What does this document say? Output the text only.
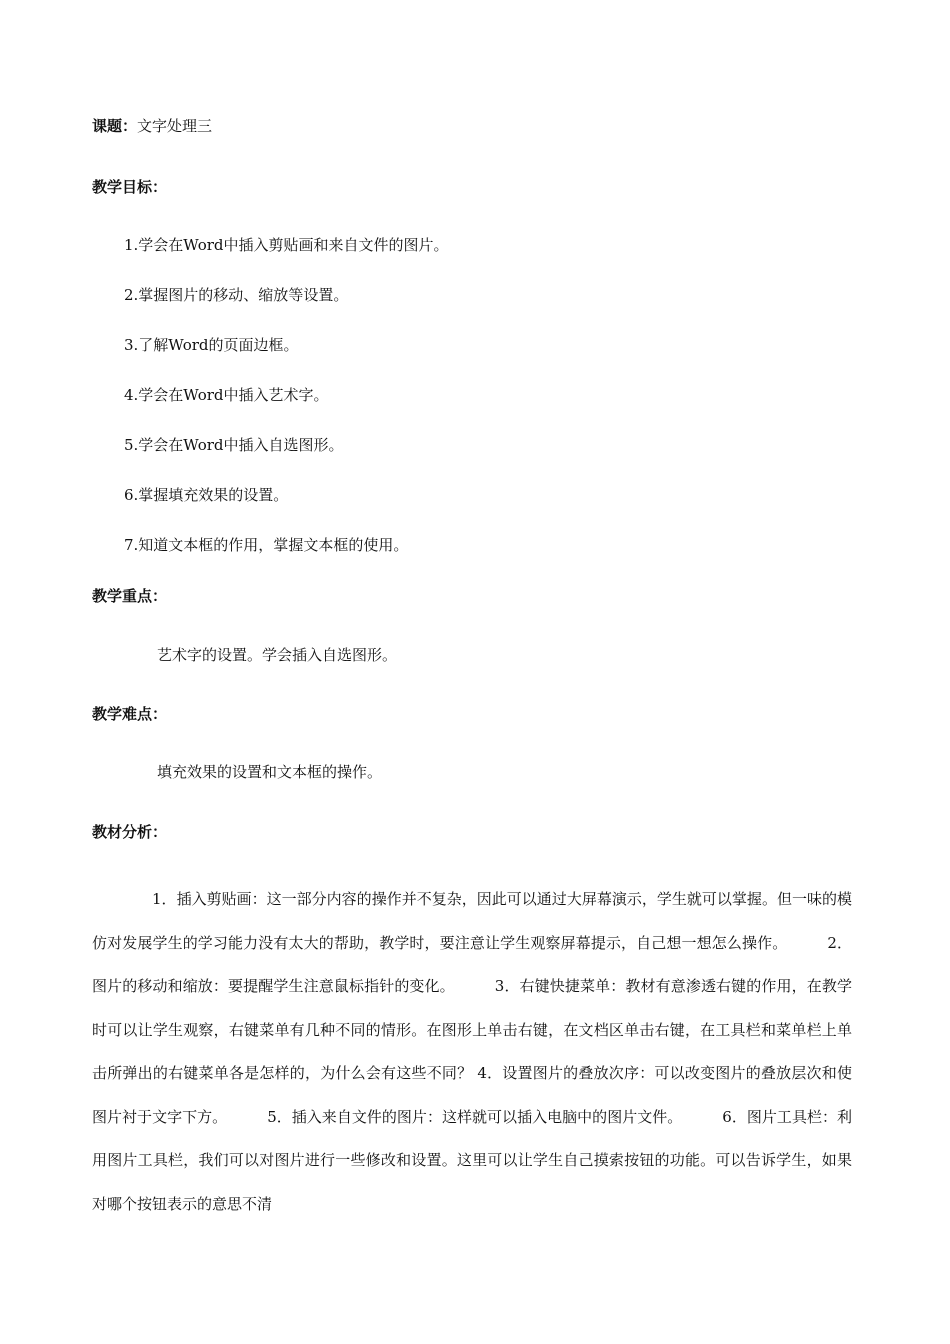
课题：文字处理三
教学目标：
1.学会在Word中插入剪贴画和来自文件的图片。
2.掌握图片的移动、缩放等设置。
3.了解Word的页面边框。
4.学会在Word中插入艺术字。
5.学会在Word中插入自选图形。
6.掌握填充效果的设置。
7.知道文本框的作用，掌握文本框的使用。
教学重点：
艺术字的设置。学会插入自选图形。
教学难点：
填充效果的设置和文本框的操作。
教材分析：
1．插入剪贴画：这一部分内容的操作并不复杂，因此可以通过大屏幕演示，学生就可以掌握。但一味的模仿对发展学生的学习能力没有太大的帮助，教学时，要注意让学生观察屏幕提示，自己想一想怎么操作。	2．图片的移动和缩放：要提醒学生注意鼠标指针的变化。	3．右键快捷菜单：教材有意渗透右键的作用，在教学时可以让学生观察，右键菜单有几种不同的情形。在图形上单击右键，在文档区单击右键，在工具栏和菜单栏上单击所弹出的右键菜单各是怎样的，为什么会有这些不同？ 4．设置图片的叠放次序：可以改变图片的叠放层次和使图片衬于文字下方。	5．插入来自文件的图片：这样就可以插入电脑中的图片文件。	6．图片工具栏：利用图片工具栏，我们可以对图片进行一些修改和设置。这里可以让学生自己摸索按钮的功能。可以告诉学生，如果对哪个按钮表示的意思不清
